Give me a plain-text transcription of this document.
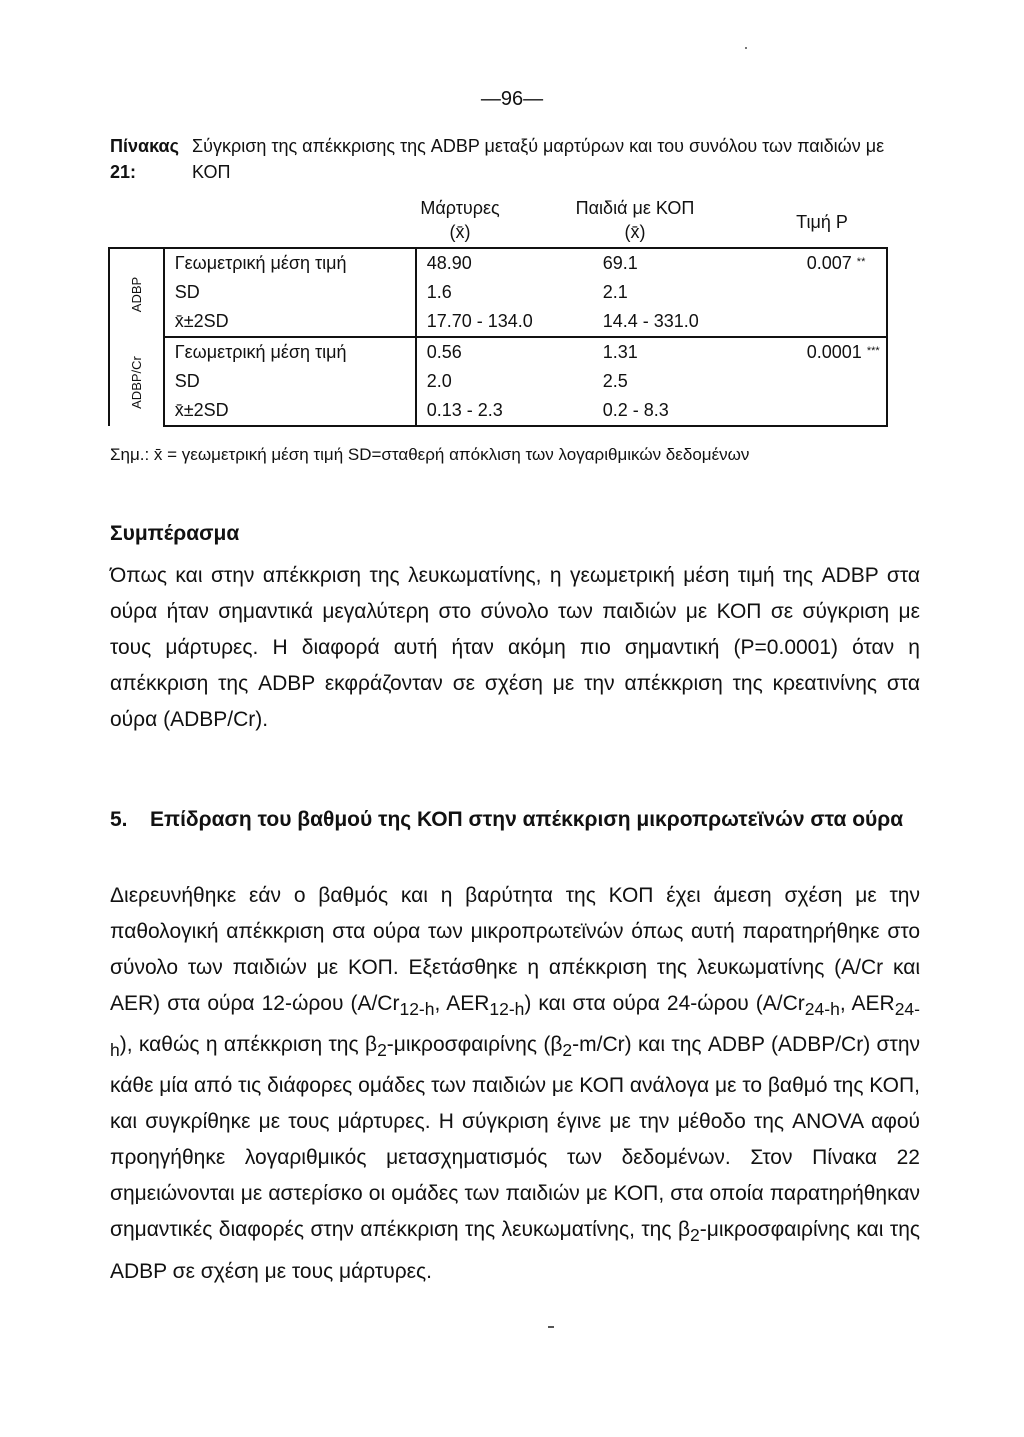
—96—
Πίνακας 21:Σύγκριση της απέκκρισης της ADBP μεταξύ μαρτύρων και του συνόλου των παιδιών με ΚΟΠ
Μάρτυρες
(x̄)
Παιδιά με ΚΟΠ
(x̄)	Τιμή P
ADBP	Γεωμετρική μέση τιμή	48.90	69.1	0.007 **
	SD	1.6	2.1	
	x̄±2SD	17.70 - 134.0	14.4 - 331.0	
ADBP/Cr	Γεωμετρική μέση τιμή	0.56	1.31	0.0001 ***
	SD	2.0	2.5	
	x̄±2SD	0.13 - 2.3	0.2 - 8.3	
Σημ.: x̄ = γεωμετρική μέση τιμή SD=σταθερή απόκλιση των λογαριθμικών δεδομένων
Συμπέρασμα
Όπως και στην απέκκριση της λευκωματίνης, η γεωμετρική μέση τιμή της ADBP στα ούρα ήταν σημαντικά μεγαλύτερη στο σύνολο των παιδιών με ΚΟΠ σε σύγκριση με τους μάρτυρες. Η διαφορά αυτή ήταν ακόμη πιο σημαντική (P=0.0001) όταν η απέκκριση της ADBP εκφράζονταν σε σχέση με την απέκκριση της κρεατινίνης στα ούρα (ADBP/Cr).
5. Επίδραση του βαθμού της ΚΟΠ στην απέκκριση μικροπρωτεϊνών στα ούρα
Διερευνήθηκε εάν ο βαθμός και η βαρύτητα της ΚΟΠ έχει άμεση σχέση με την παθολογική απέκκριση στα ούρα των μικροπρωτεϊνών όπως αυτή παρατηρήθηκε στο σύνολο των παιδιών με ΚΟΠ. Εξετάσθηκε η απέκκριση της λευκωματίνης (A/Cr και AER) στα ούρα 12-ώρου ($A/Cr_{12-h}$, $AER_{12-h}$) και στα ούρα 24-ώρου ($A/Cr_{24-h}$, $AER_{24-h}$), καθώς η απέκκριση της $\beta_2$-μικροσφαιρίνης $(\beta_2-m/Cr)$ και της ADBP (ADBP/Cr) στην κάθε μία από τις διάφορες ομάδες των παιδιών με ΚΟΠ ανάλογα με το βαθμό της ΚΟΠ, και συγκρίθηκε με τους μάρτυρες. Η σύγκριση έγινε με την μέθοδο της ANOVA αφού προηγήθηκε λογαριθμικός μετασχηματισμός των δεδομένων. Στον Πίνακα 22 σημειώνονται με αστερίσκο οι ομάδες των παιδιών με ΚΟΠ, στα οποία παρατηρήθηκαν σημαντικές διαφορές στην απέκκριση της λευκωματίνης, της $\beta_2$-μικροσφαιρίνης και της ADBP σε σχέση με τους μάρτυρες.
